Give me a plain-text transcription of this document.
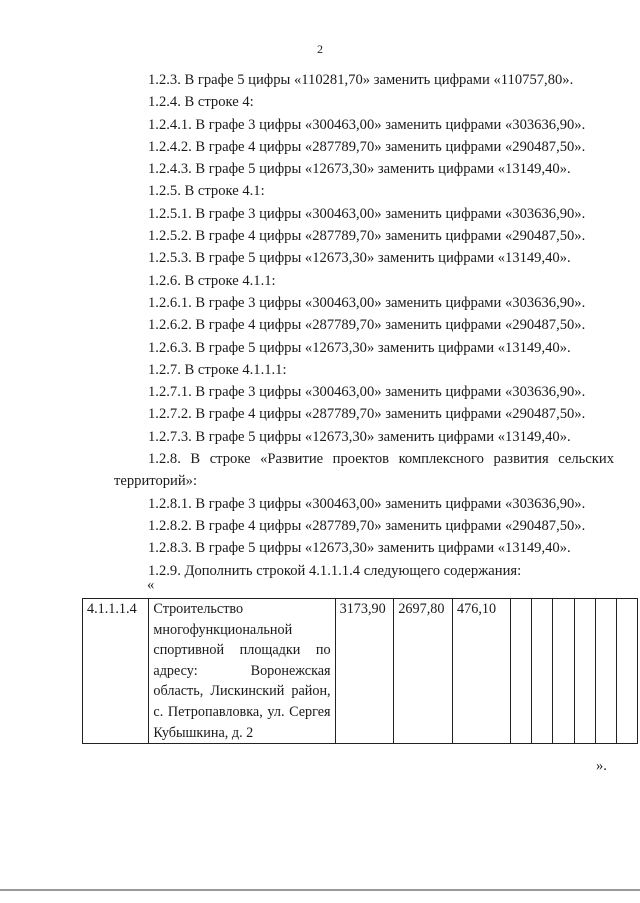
2
1.2.3. В графе 5 цифры «110281,70» заменить цифрами «110757,80».
1.2.4. В строке 4:
1.2.4.1. В графе 3 цифры «300463,00» заменить цифрами «303636,90».
1.2.4.2. В графе 4 цифры «287789,70» заменить цифрами «290487,50».
1.2.4.3. В графе 5 цифры «12673,30» заменить цифрами «13149,40».
1.2.5. В строке 4.1:
1.2.5.1. В графе 3 цифры «300463,00» заменить цифрами «303636,90».
1.2.5.2. В графе 4 цифры «287789,70» заменить цифрами «290487,50».
1.2.5.3. В графе 5 цифры «12673,30» заменить цифрами «13149,40».
1.2.6. В строке 4.1.1:
1.2.6.1. В графе 3 цифры «300463,00» заменить цифрами «303636,90».
1.2.6.2. В графе 4 цифры «287789,70» заменить цифрами «290487,50».
1.2.6.3. В графе 5 цифры «12673,30» заменить цифрами «13149,40».
1.2.7. В строке 4.1.1.1:
1.2.7.1. В графе 3 цифры «300463,00» заменить цифрами «303636,90».
1.2.7.2. В графе 4 цифры «287789,70» заменить цифрами «290487,50».
1.2.7.3. В графе 5 цифры «12673,30» заменить цифрами «13149,40».
1.2.8. В строке «Развитие проектов комплексного развития сельских
территорий»:
1.2.8.1. В графе 3 цифры «300463,00» заменить цифрами «303636,90».
1.2.8.2. В графе 4 цифры «287789,70» заменить цифрами «290487,50».
1.2.8.3. В графе 5 цифры «12673,30» заменить цифрами «13149,40».
1.2.9. Дополнить строкой 4.1.1.1.4 следующего содержания:
«
4.1.1.1.4	Строительство многофункциональной спортивной площадки по адресу: Воронежская область, Лискинский район, с. Петропавловка, ул. Сергея Кубышкина, д. 2	3173,90	2697,80	476,10						
».
